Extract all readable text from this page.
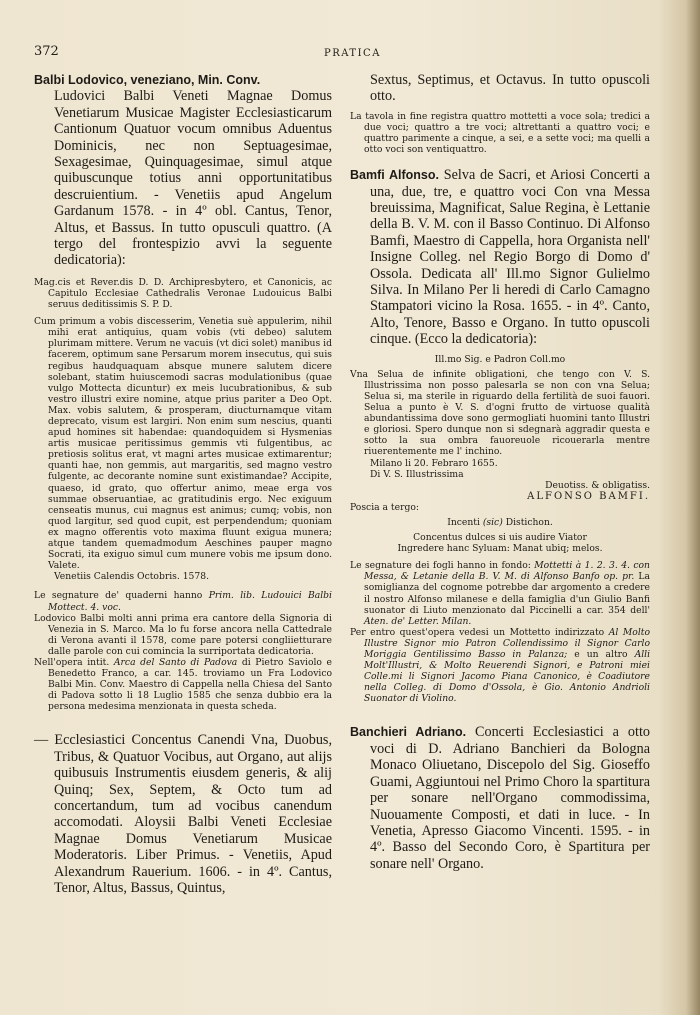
372	PRATICA

Balbi Lodovico, veneziano, Min. Conv.
Ludovici Balbi Veneti Magnae Domus Venetiarum Musicae Magister Ecclesiasticarum Cantionum Quatuor vocum omnibus Aduentus Dominicis, nec non Septuagesimae, Sexagesimae, Quinquagesimae, simul atque quibuscunque totius anni opportunitatibus descruientium. - Venetiis apud Angelum Gardanum 1578. - in 4º obl. Cantus, Tenor, Altus, et Bassus. In tutto opusculi quattro. (A tergo del frontespizio avvi la seguente dedicatoria):

Mag.cis et Rever.dis D. D. Archipresbytero, et Canonicis, ac Capitulo Ecclesiae Cathedralis Veronae Ludouicus Balbi seruus deditissimis S. P. D.

Cum primum a vobis discesserim, Venetia suè appulerim, nihil mihi erat antiquius, quam vobis (vti debeo) salutem plurimam mittere. Verum ne vacuis (vt dici solet) manibus id facerem, optimum sane Persarum morem insecutus, qui suis regibus haudquaquam absque munere salutem dicere solebant, statim huiuscemodi sacras modulationibus (quae vulgo Mottecta dicuntur) ex meis lucubrationibus, & sub vestro illustri exire nomine, atque prius pariter a Deo Opt. Max. vobis salutem, & prosperam, diucturnamque vitam deprecato, visum est largiri. Non enim sum nescius, quanti apud homines sit habendae: quandoquidem si Hysmenias artis musicae peritissimus gemmis vti fulgentibus, ac pretiosis solitus erat, vt magni artes musicae extimarentur; quanti hae, non gemmis, aut margaritis, sed magno vestro fulgente, ac decorante nomine sunt existimandae? Accipite, quaeso, id grato, quo offertur animo, meae erga vos summae obseruantiae, ac gratitudinis ergo. Nec exiguum censeatis munus, cui magnus est animus; cumq; vobis, non quod largitur, sed quod cupit, est perpendendum; quoniam ex magno offerentis voto maxima fluunt exigua munera; atque tandem quemadmodum Aeschines pauper magno Socrati, ita exiguo simul cum munere vobis me ipsum dono. Valete.

Venetiis Calendis Octobris. 1578.

Le segnature de' quaderni hanno Prim. lib. Ludouici Balbi Mottect. 4. voc.

Lodovico Balbi molti anni prima era cantore della Signoria di Venezia in S. Marco. Ma lo fu forse ancora nella Cattedrale di Verona avanti il 1578, come pare potersi congliietturare dalle parole con cui comincia la surriportata dedicatoria.

Nell'opera intit. Arca del Santo di Padova di Pietro Saviolo e Benedetto Franco, a car. 145. troviamo un Fra Lodovico Balbi Min. Conv. Maestro di Cappella nella Chiesa del Santo di Padova sotto li 18 Luglio 1585 che senza dubbio era la persona medesima menzionata in questa scheda.

— Ecclesiastici Concentus Canendi Vna, Duobus, Tribus, & Quatuor Vocibus, aut Organo, aut alijs quibusuis Instrumentis eiusdem generis, & alij Quinq; Sex, Septem, & Octo tum ad concertandum, tum ad vocibus canendum accomodati. Aloysii Balbi Veneti Ecclesiae Magnae Domus Venetiarum Musicae Moderatoris. Liber Primus. - Venetiis, Apud Alexandrum Rauerium. 1606. - in 4º. Cantus, Tenor, Altus, Bassus, Quintus,

Sextus, Septimus, et Octavus. In tutto opuscoli otto.

La tavola in fine registra quattro mottetti a voce sola; tredici a due voci; quattro a tre voci; altrettanti a quattro voci; e quattro parimente a cinque, a sei, e a sette voci; ma quelli a otto voci son ventiquattro.

Bamfi Alfonso. Selva de Sacri, et Ariosi Concerti a una, due, tre, e quattro voci Con vna Messa breuissima, Magnificat, Salue Regina, è Lettanie della B. V. M. con il Basso Continuo. Di Alfonso Bamfi, Maestro di Cappella, hora Organista nell' Insigne Colleg. nel Regio Borgo di Domo d' Ossola. Dedicata all' Ill.mo Signor Gulielmo Silva. In Milano Per li heredi di Carlo Camagno Stampatori vicino la Rosa. 1655. - in 4º. Canto, Alto, Tenore, Basso e Organo. In tutto opuscoli cinque. (Ecco la dedicatoria):

Ill.mo Sig. e Padron Coll.mo

Vna Selua de infinite obligationi, che tengo con V. S. Illustrissima non posso palesarla se non con vna Selua; Selua si, ma sterile in riguardo della fertilità de suoi fauori. Selua a punto è V. S. d'ogni frutto de virtuose qualità abundantissima dove sono germogliati huomini tanto Illustri e gloriosi. Spero dunque non si sdegnarà aggradir questa e sotto la sua ombra fauoreuole ricouerarla mentre riuerentemente me l' inchino.

Milano li 20. Febraro 1655.

Di V. S. Illustrissima

Deuotiss. & obligatiss.

ALFONSO BAMFI.

Poscia a tergo:

Incenti (sic) Distichon.

Concentus dulces si uis audire Viator

Ingredere hanc Syluam: Manat ubiq; melos.

Le segnature dei fogli hanno in fondo: Mottetti à 1. 2. 3. 4. con Messa, & Letanie della B. V. M. di Alfonso Banfo op. pr. La somiglianza del cognome potrebbe dar argomento a credere il nostro Alfonso milanese e della famiglia d'un Giulio Banfi suonator di Liuto menzionato dal Piccinelli a car. 354 dell' Aten. de' Letter. Milan.

Per entro quest'opera vedesi un Mottetto indirizzato Al Molto Illustre Signor mio Patron Collendissimo il Signor Carlo Moriggia Gentilissimo Basso in Palanza; e un altro Alli Molt'Illustri, & Molto Reuerendi Signori, e Patroni miei Colle.mi li Signori Jacomo Piana Canonico, è Coadiutore nella Colleg. di Domo d'Ossola, è Gio. Antonio Andrioli Suonator di Violino.

Banchieri Adriano. Concerti Ecclesiastici a otto voci di D. Adriano Banchieri da Bologna Monaco Oliuetano, Discepolo del Sig. Gioseffo Guami, Aggiuntoui nel Primo Choro la spartitura per sonare nell'Organo commodissima, Nuouamente Composti, et dati in luce. - In Venetia, Apresso Giacomo Vincenti. 1595. - in 4º. Basso del Secondo Coro, è Spartitura per sonare nell' Organo.
